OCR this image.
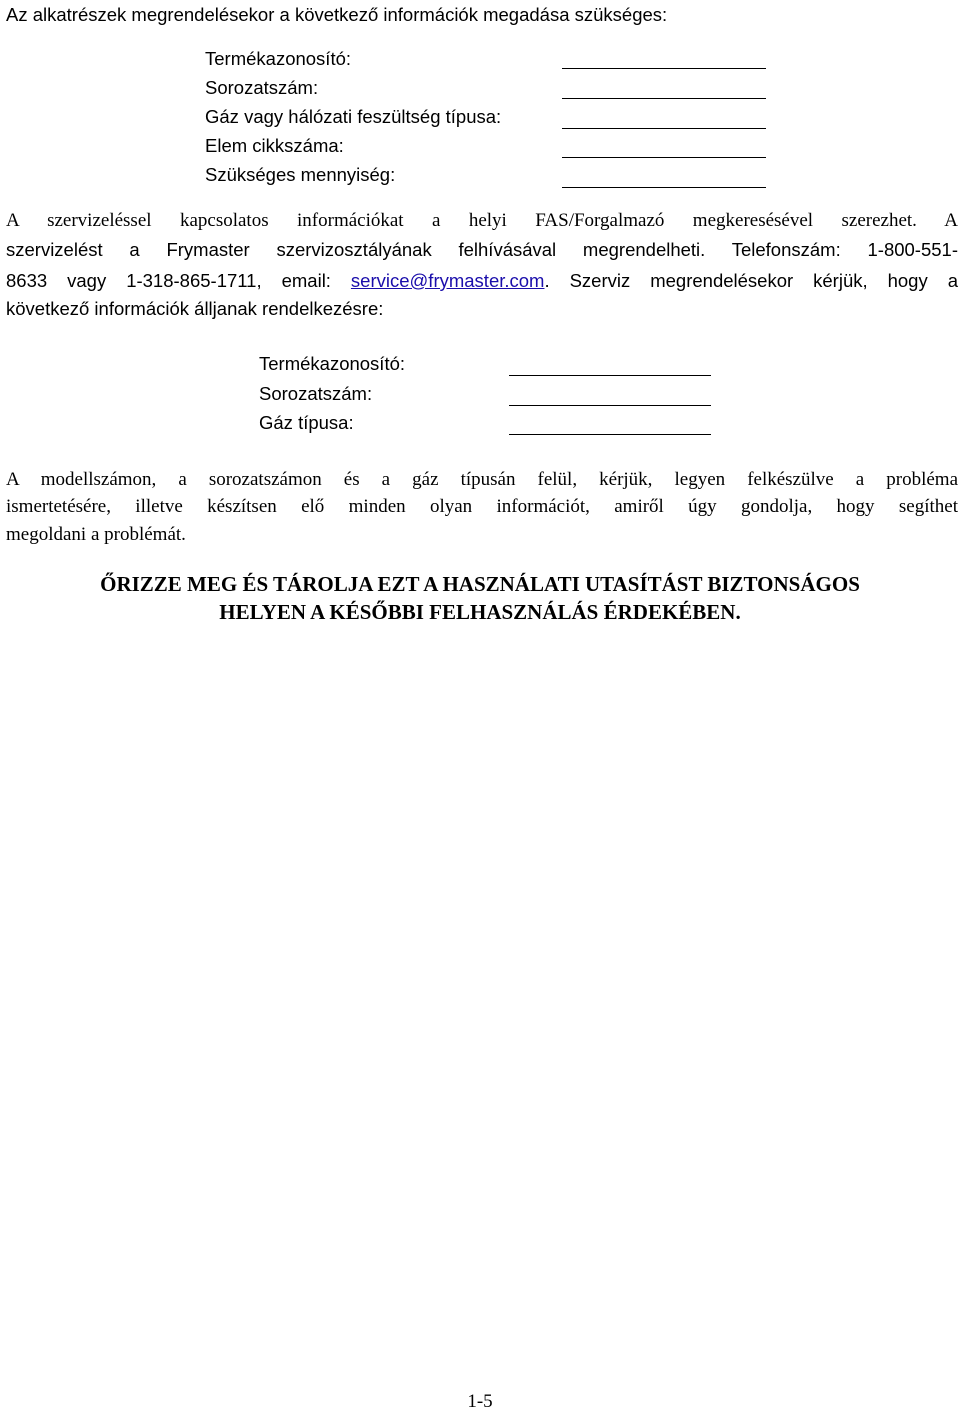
Az alkatrészek megrendelésekor a következő információk megadása szükséges:
Termékazonosító:
Sorozatszám:
Gáz vagy hálózati feszültség típusa:
Elem cikkszáma:
Szükséges mennyiség:
A szervizeléssel kapcsolatos információkat a helyi FAS/Forgalmazó megkeresésével szerezhet. A
szervizelést a Frymaster szervizosztályának felhívásával megrendelheti. Telefonszám: 1-800-551-
8633 vagy 1-318-865-1711, email: service@frymaster.com. Szerviz megrendelésekor kérjük, hogy a
következő információk álljanak rendelkezésre:
Termékazonosító:
Sorozatszám:
Gáz típusa:
A modellszámon, a sorozatszámon és a gáz típusán felül, kérjük, legyen felkészülve a probléma
ismertetésére, illetve készítsen elő minden olyan információt, amiről úgy gondolja, hogy segíthet
megoldani a problémát.
ŐRIZZE MEG ÉS TÁROLJA EZT A HASZNÁLATI UTASÍTÁST BIZTONSÁGOS
HELYEN A KÉSŐBBI FELHASZNÁLÁS ÉRDEKÉBEN.
1-5
